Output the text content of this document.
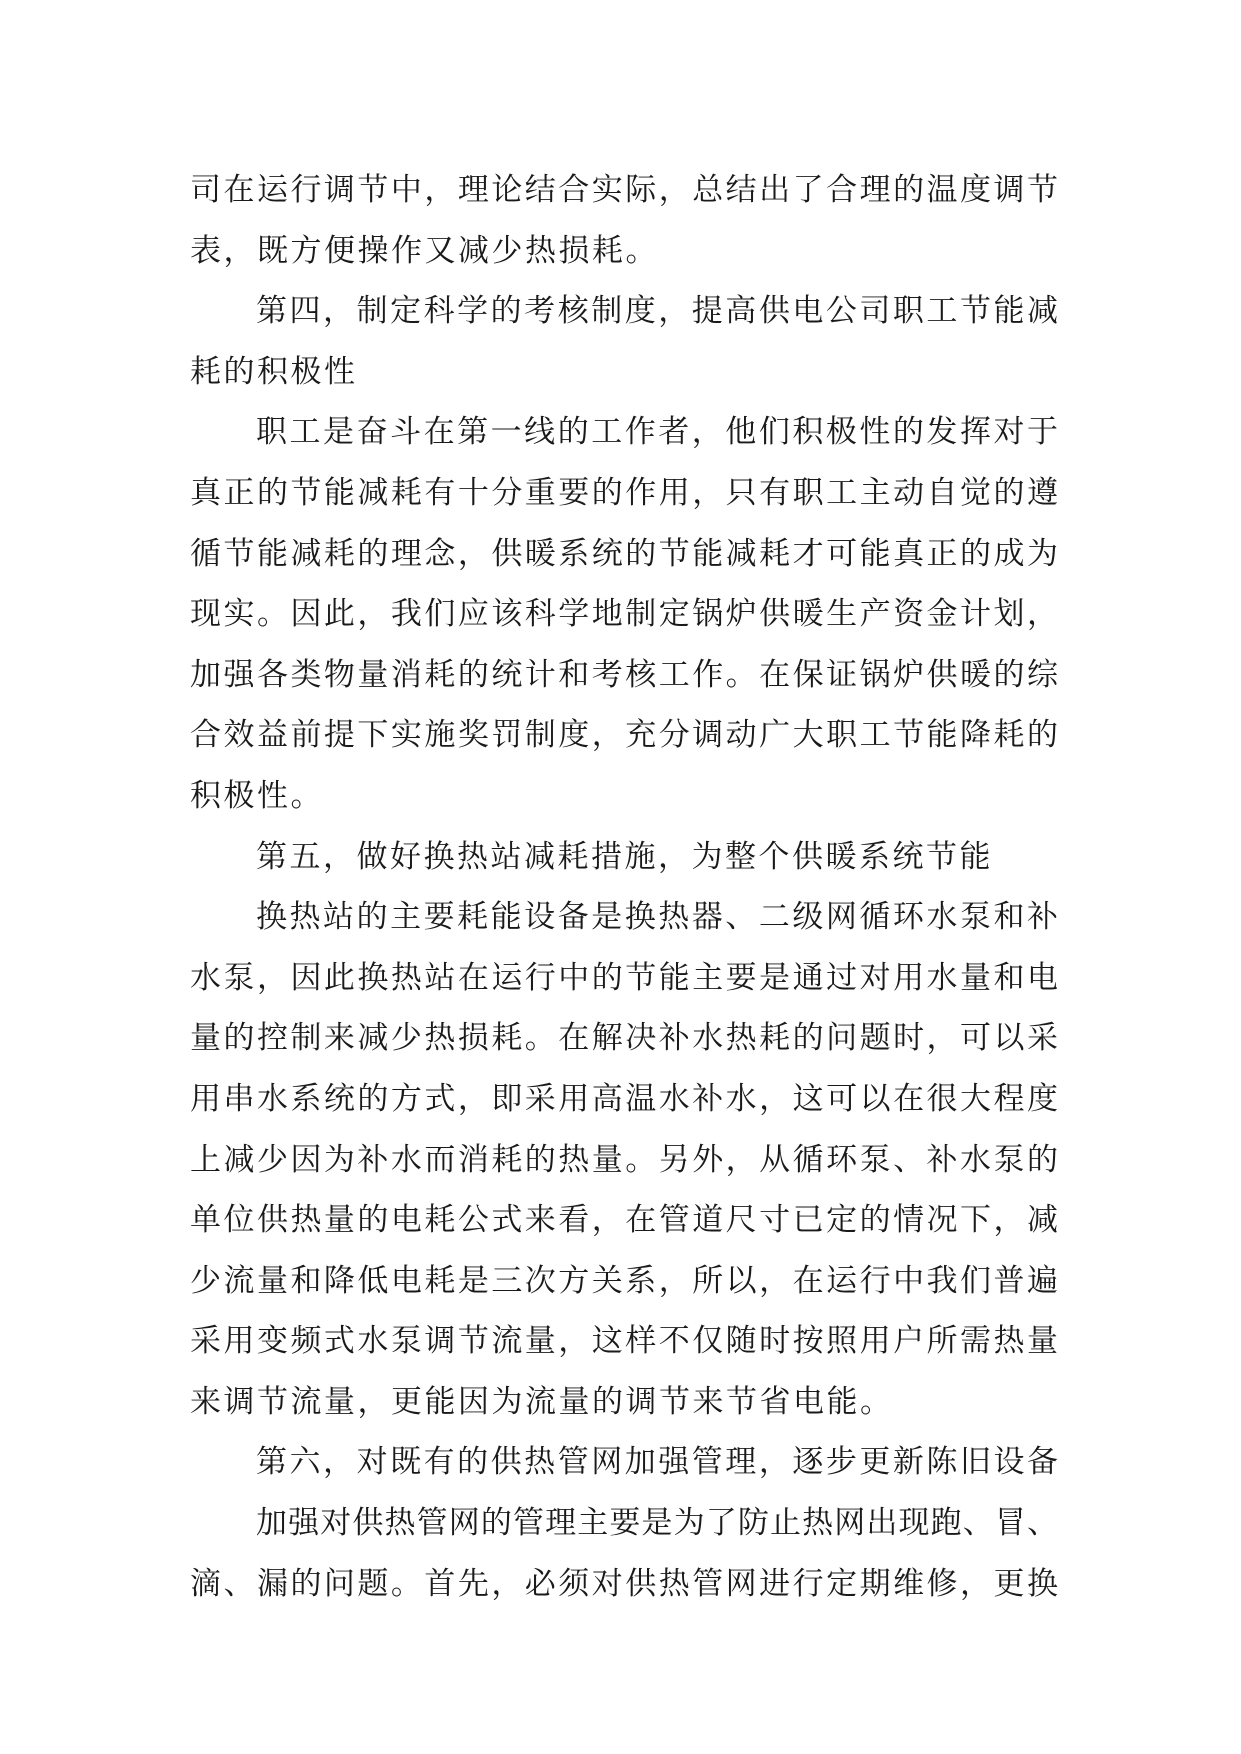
司在运行调节中，理论结合实际，总结出了合理的温度调节
表，既方便操作又减少热损耗。
第四，制定科学的考核制度，提高供电公司职工节能减
耗的积极性
职工是奋斗在第一线的工作者，他们积极性的发挥对于
真正的节能减耗有十分重要的作用，只有职工主动自觉的遵
循节能减耗的理念，供暖系统的节能减耗才可能真正的成为
现实。因此，我们应该科学地制定锅炉供暖生产资金计划，
加强各类物量消耗的统计和考核工作。在保证锅炉供暖的综
合效益前提下实施奖罚制度，充分调动广大职工节能降耗的
积极性。
第五，做好换热站减耗措施，为整个供暖系统节能
换热站的主要耗能设备是换热器、二级网循环水泵和补
水泵，因此换热站在运行中的节能主要是通过对用水量和电
量的控制来减少热损耗。在解决补水热耗的问题时，可以采
用串水系统的方式，即采用高温水补水，这可以在很大程度
上减少因为补水而消耗的热量。另外，从循环泵、补水泵的
单位供热量的电耗公式来看，在管道尺寸已定的情况下，减
少流量和降低电耗是三次方关系，所以，在运行中我们普遍
采用变频式水泵调节流量，这样不仅随时按照用户所需热量
来调节流量，更能因为流量的调节来节省电能。
第六，对既有的供热管网加强管理，逐步更新陈旧设备
加强对供热管网的管理主要是为了防止热网出现跑、冒、
滴、漏的问题。首先，必须对供热管网进行定期维修，更换
